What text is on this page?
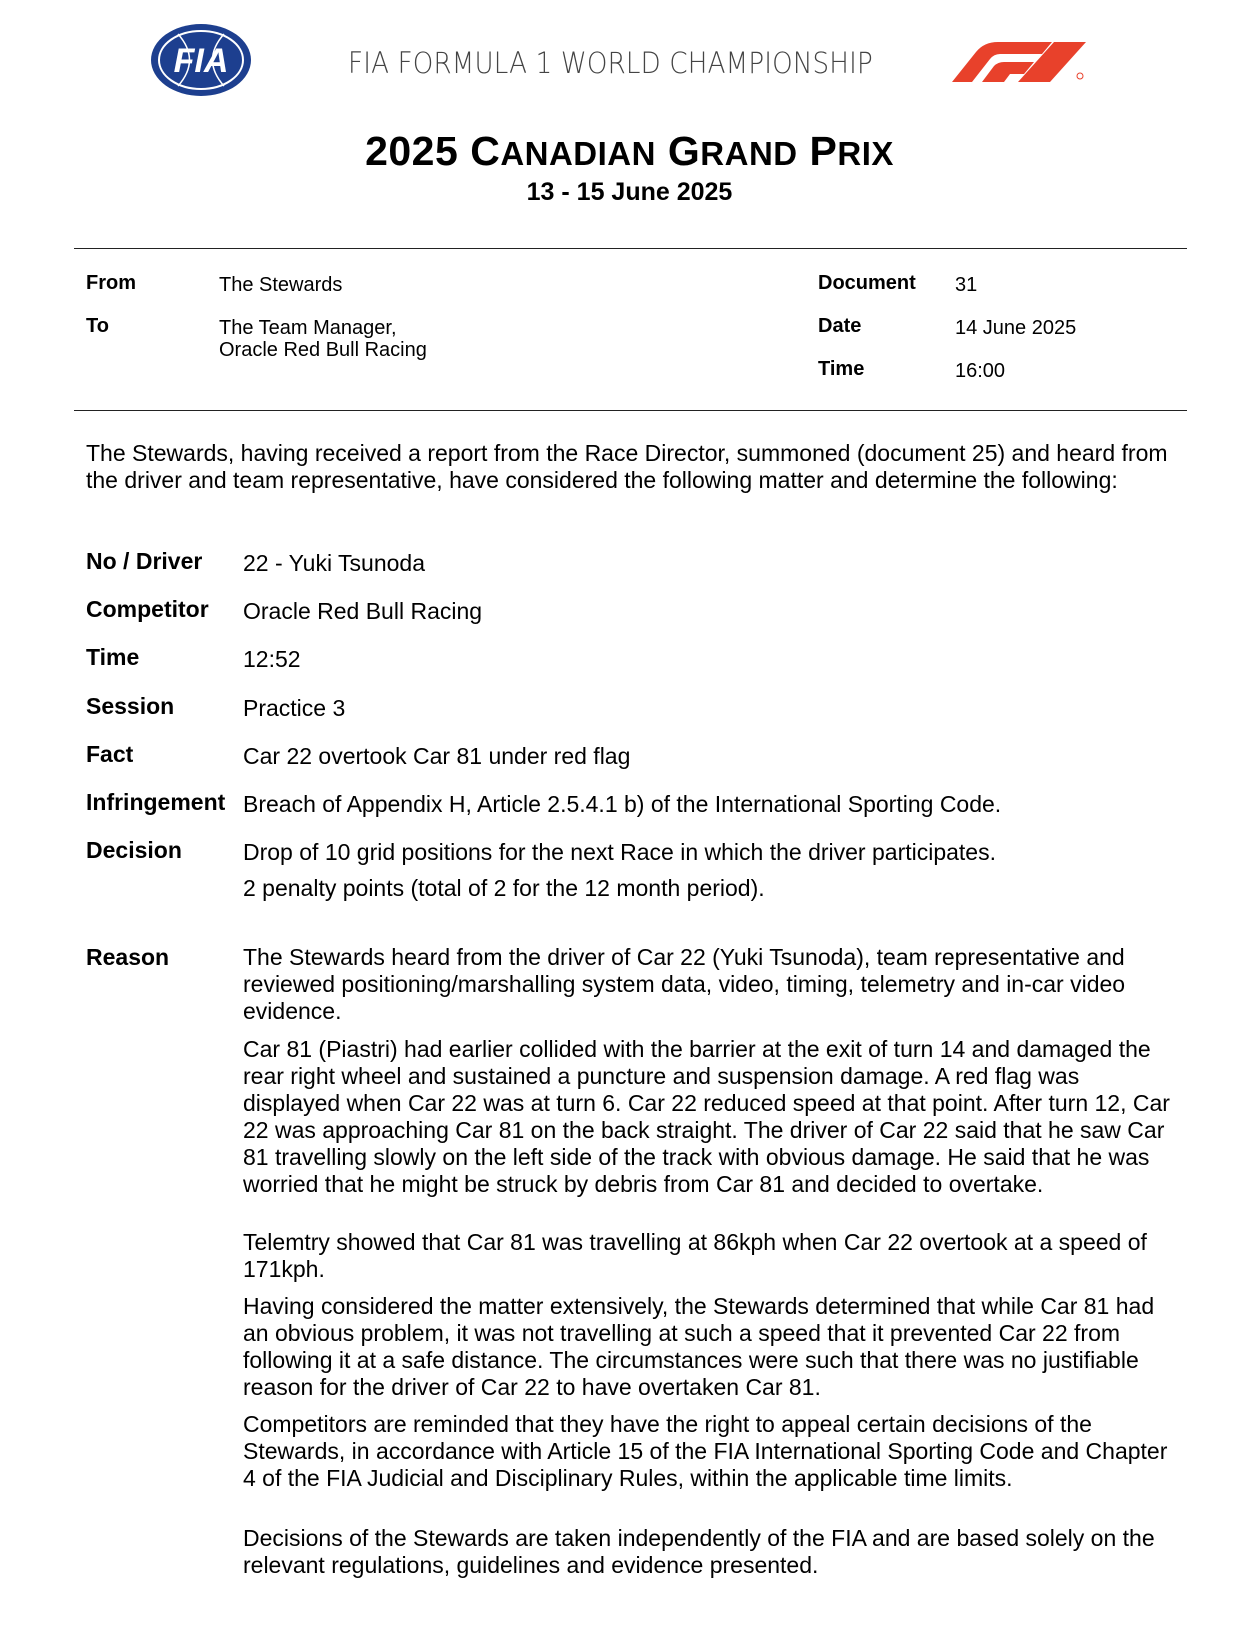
FIA	FIA FORMULA 1 WORLD CHAMPIONSHIP
2025 CANADIAN GRAND PRIX
13 - 15 June 2025
From	The Stewards
To	The Team Manager,
Oracle Red Bull Racing
Document 31
Date	14 June 2025
Time	16:00
The Stewards, having received a report from the Race Director, summoned (document 25) and heard from the driver and team representative, have considered the following matter and determine the following:
No / Driver 22 - Yuki Tsunoda
Competitor Oracle Red Bull Racing
Time	12:52
Session	Practice 3
Fact	Car 22 overtook Car 81 under red flag
Infringement Breach of Appendix H, Article 2.5.4.1 b) of the International Sporting Code.
Decision	Drop of 10 grid positions for the next Race in which the driver participates.
2 penalty points (total of 2 for the 12 month period).
Reason	The Stewards heard from the driver of Car 22 (Yuki Tsunoda), team representative and reviewed positioning/marshalling system data, video, timing, telemetry and in-car video evidence.
Car 81 (Piastri) had earlier collided with the barrier at the exit of turn 14 and damaged the rear right wheel and sustained a puncture and suspension damage. A red flag was displayed when Car 22 was at turn 6. Car 22 reduced speed at that point. After turn 12, Car 22 was approaching Car 81 on the back straight. The driver of Car 22 said that he saw Car 81 travelling slowly on the left side of the track with obvious damage. He said that he was worried that he might be struck by debris from Car 81 and decided to overtake.
Telemtry showed that Car 81 was travelling at 86kph when Car 22 overtook at a speed of 171kph.
Having considered the matter extensively, the Stewards determined that while Car 81 had an obvious problem, it was not travelling at such a speed that it prevented Car 22 from following it at a safe distance. The circumstances were such that there was no justifiable reason for the driver of Car 22 to have overtaken Car 81.
Competitors are reminded that they have the right to appeal certain decisions of the Stewards, in accordance with Article 15 of the FIA International Sporting Code and Chapter 4 of the FIA Judicial and Disciplinary Rules, within the applicable time limits.
Decisions of the Stewards are taken independently of the FIA and are based solely on the relevant regulations, guidelines and evidence presented.
